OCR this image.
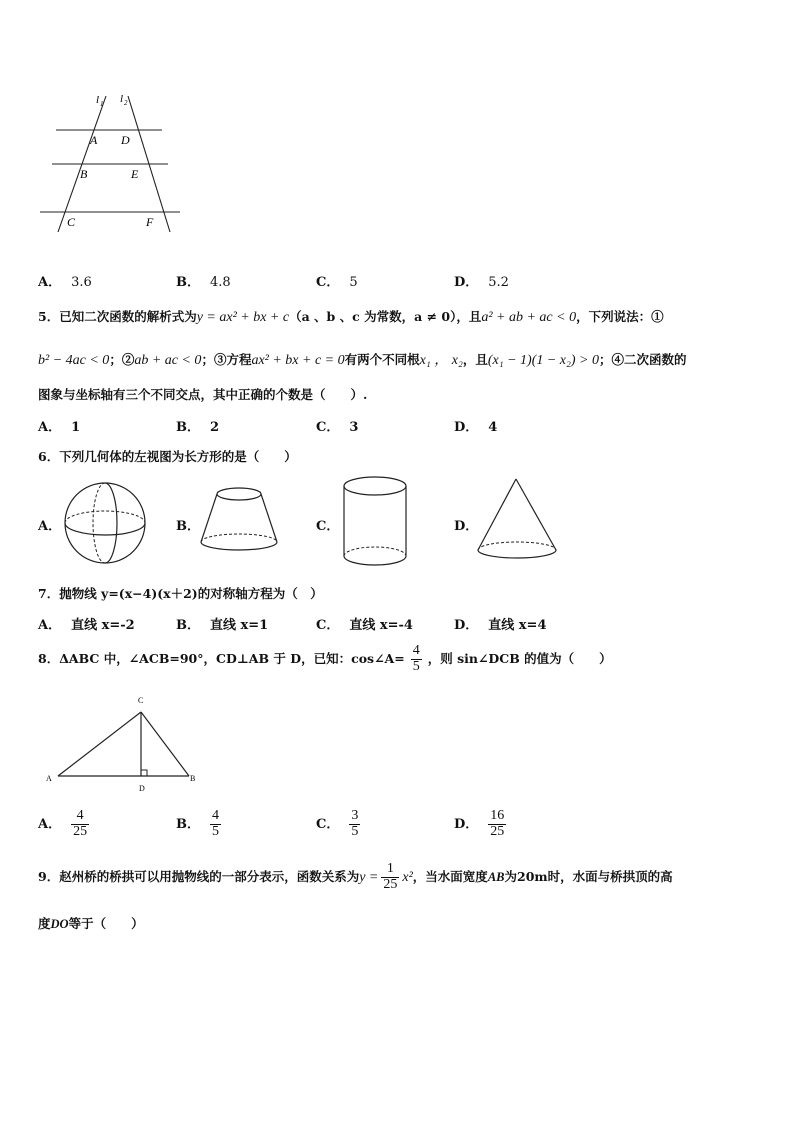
l 1 l 2
A D
B	E
C	F
A． 3.6	B． 4.8	C． 5	D． 5.2
5．已知二次函数的解析式为y = ax² + bx + c（a 、b 、c 为常数，a ≠ 0），且a² + ab + ac < 0，下列说法：①
b² − 4ac < 0；②ab + ac < 0；③方程ax² + bx + c = 0有两个不同根x₁ ， x₂，且(x₁ − 1)(1 − x₂) > 0；④二次函数的
图象与坐标轴有三个不同交点，其中正确的个数是（　　）.
A． 1	B． 2	C． 3	D． 4
6．下列几何体的左视图为长方形的是（　　）
A．	B．	C．	D．
7．抛物线 y=(x−4)(x＋2)的对称轴方程为（　）
A． 直线 x=-2	B． 直线 x=1	C． 直线 x=-4	D． 直线 x=4
8．ΔABC 中，∠ACB=90°，CD⊥AB 于 D，已知：cos∠A= $\frac{4}{5}$ ，则 sin∠DCB 的值为（　　）
C
A	B
D
A． $\frac{4}{25}$	B． $\frac{4}{5}$	C． $\frac{3}{5}$	D． $\frac{16}{25}$
9．赵州桥的桥拱可以用抛物线的一部分表示，函数关系为$y = \frac{1}{25} x^2$，当水面宽度AB为20m时，水面与桥拱顶的高
度DO等于（　　）
